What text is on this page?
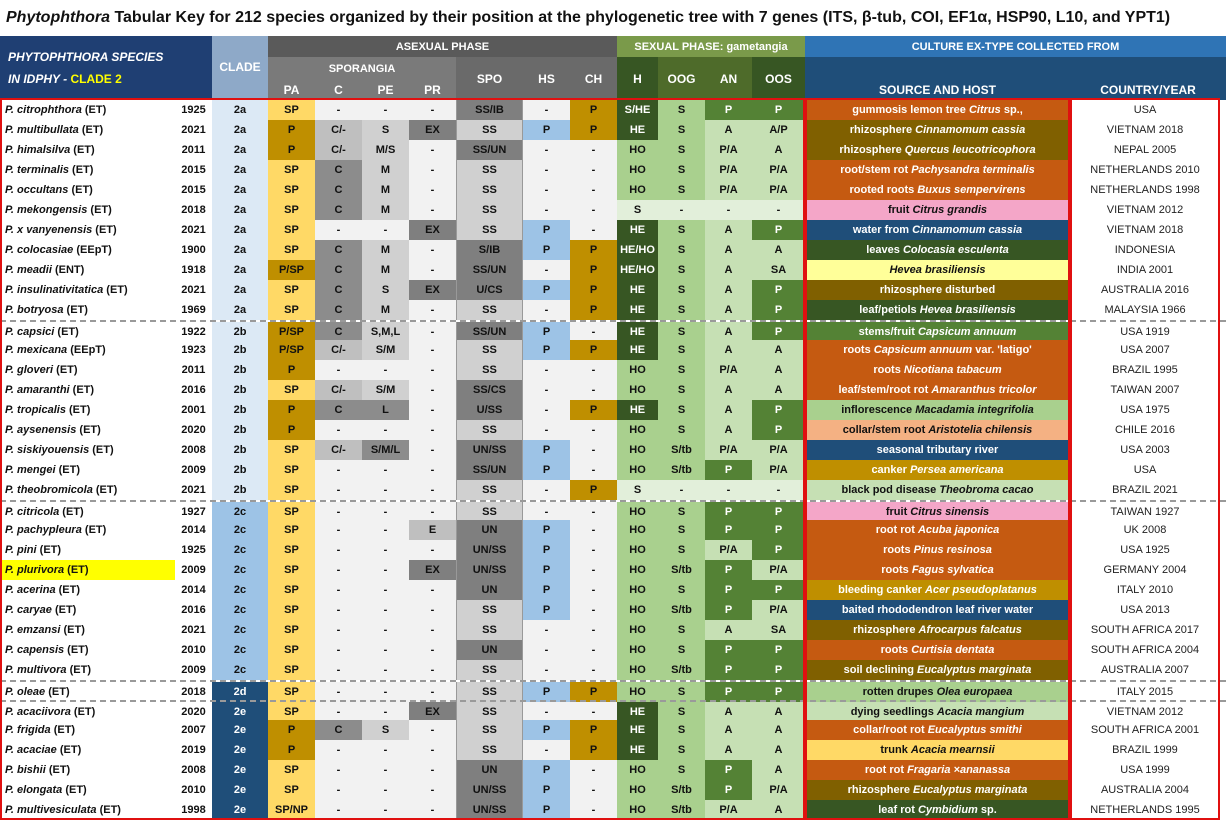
Phytophthora Tabular Key for 212 species organized by their position at the phylogenetic tree with 7 genes (ITS, β-tub, COI, EF1α, HSP90, L10, and YPT1)
PHYTOPHTHORA SPECIES
IN IDPHY - CLADE 2
CLADE
ASEXUAL PHASE
SPORANGIA
PA	C	PE	PR
SPO	HS	CH
SEXUAL PHASE: gametangia
H	OOG	AN	OOS
CULTURE EX-TYPE COLLECTED FROM
SOURCE AND HOST	COUNTRY/YEAR
P. citrophthora (ET)	1925	2a	SP	-	-	-	SS/IB	-	P	S/HE	S	P	P	gummosis lemon tree Citrus sp.,	USA
P. multibullata (ET)	2021	2a	P	C/-	S	EX	SS	P	P	HE	S	A	A/P	rhizosphere Cinnamomum cassia	VIETNAM 2018
P. himalsilva (ET)	2011	2a	P	C/-	M/S	-	SS/UN	-	-	HO	S	P/A	A	rhizosphere Quercus leucotricophora	NEPAL 2005
P. terminalis (ET)	2015	2a	SP	C	M	-	SS	-	-	HO	S	P/A	P/A	root/stem rot Pachysandra terminalis	NETHERLANDS 2010
P. occultans (ET)	2015	2a	SP	C	M	-	SS	-	-	HO	S	P/A	P/A	rooted roots Buxus sempervirens	NETHERLANDS 1998
P. mekongensis (ET)	2018	2a	SP	C	M	-	SS	-	-	S	-	-	-	fruit Citrus grandis	VIETNAM 2012
P. x vanyenensis (ET)	2021	2a	SP	-	-	EX	SS	P	-	HE	S	A	P	water from Cinnamomum cassia	VIETNAM 2018
P. colocasiae (EEpT)	1900	2a	SP	C	M	-	S/IB	P	P	HE/HO	S	A	A	leaves Colocasia esculenta	INDONESIA
P. meadii (ENT)	1918	2a	P/SP	C	M	-	SS/UN	-	P	HE/HO	S	A	SA	Hevea brasiliensis	INDIA 2001
P. insulinativitatica (ET)	2021	2a	SP	C	S	EX	U/CS	P	P	HE	S	A	P	rhizosphere disturbed	AUSTRALIA 2016
P. botryosa (ET)	1969	2a	SP	C	M	-	SS	-	P	HE	S	A	P	leaf/petiols Hevea brasiliensis	MALAYSIA 1966
P. capsici (ET)	1922	2b	P/SP	C	S,M,L	-	SS/UN	P	-	HE	S	A	P	stems/fruit Capsicum annuum	USA 1919
P. mexicana (EEpT)	1923	2b	P/SP	C/-	S/M	-	SS	P	P	HE	S	A	A	roots Capsicum annuum var. 'latigo'	USA 2007
P. gloveri (ET)	2011	2b	P	-	-	-	SS	-	-	HO	S	P/A	A	roots Nicotiana tabacum	BRAZIL 1995
P. amaranthi (ET)	2016	2b	SP	C/-	S/M	-	SS/CS	-	-	HO	S	A	A	leaf/stem/root rot Amaranthus tricolor	TAIWAN 2007
P. tropicalis (ET)	2001	2b	P	C	L	-	U/SS	-	P	HE	S	A	P	inflorescence Macadamia integrifolia	USA 1975
P. aysenensis (ET)	2020	2b	P	-	-	-	SS	-	-	HO	S	A	P	collar/stem root Aristotelia chilensis	CHILE 2016
P. siskiyouensis (ET)	2008	2b	SP	C/-	S/M/L	-	UN/SS	P	-	HO	S/tb	P/A	P/A	seasonal tributary river	USA 2003
P. mengei (ET)	2009	2b	SP	-	-	-	SS/UN	P	-	HO	S/tb	P	P/A	canker Persea americana	USA
P. theobromicola (ET)	2021	2b	SP	-	-	-	SS	-	P	S	-	-	-	black pod disease Theobroma cacao	BRAZIL 2021
P. citricola (ET)	1927	2c	SP	-	-	-	SS	-	-	HO	S	P	P	fruit Citrus sinensis	TAIWAN 1927
P. pachypleura (ET)	2014	2c	SP	-	-	E	UN	P	-	HO	S	P	P	root rot Acuba japonica	UK 2008
P. pini (ET)	1925	2c	SP	-	-	-	UN/SS	P	-	HO	S	P/A	P	roots Pinus resinosa	USA 1925
P. plurivora (ET)	2009	2c	SP	-	-	EX	UN/SS	P	-	HO	S/tb	P	P/A	roots Fagus sylvatica	GERMANY 2004
P. acerina (ET)	2014	2c	SP	-	-	-	UN	P	-	HO	S	P	P	bleeding canker Acer pseudoplatanus	ITALY 2010
P. caryae (ET)	2016	2c	SP	-	-	-	SS	P	-	HO	S/tb	P	P/A	baited rhododendron leaf river water	USA 2013
P. emzansi (ET)	2021	2c	SP	-	-	-	SS	-	-	HO	S	A	SA	rhizosphere Afrocarpus falcatus	SOUTH AFRICA 2017
P. capensis (ET)	2010	2c	SP	-	-	-	UN	-	-	HO	S	P	P	roots Curtisia dentata	SOUTH AFRICA 2004
P. multivora (ET)	2009	2c	SP	-	-	-	SS	-	-	HO	S/tb	P	P	soil declining Eucalyptus marginata	AUSTRALIA 2007
P. oleae (ET)	2018	2d	SP	-	-	-	SS	P	P	HO	S	P	P	rotten drupes Olea europaea	ITALY 2015
P. acaciivora (ET)	2020	2e	SP	-	-	EX	SS	-	-	HE	S	A	A	dying seedlings Acacia mangium	VIETNAM 2012
P. frigida (ET)	2007	2e	P	C	S	-	SS	P	P	HE	S	A	A	collar/root rot Eucalyptus smithi	SOUTH AFRICA 2001
P. acaciae (ET)	2019	2e	P	-	-	-	SS	-	P	HE	S	A	A	trunk Acacia mearnsii	BRAZIL 1999
P. bishii (ET)	2008	2e	SP	-	-	-	UN	P	-	HO	S	P	A	root rot Fragaria ×ananassa	USA 1999
P. elongata (ET)	2010	2e	SP	-	-	-	UN/SS	P	-	HO	S/tb	P	P/A	rhizosphere Eucalyptus marginata	AUSTRALIA 2004
P. multivesiculata (ET)	1998	2e	SP/NP	-	-	-	UN/SS	P	-	HO	S/tb	P/A	A	leaf rot Cymbidium sp.	NETHERLANDS 1995
